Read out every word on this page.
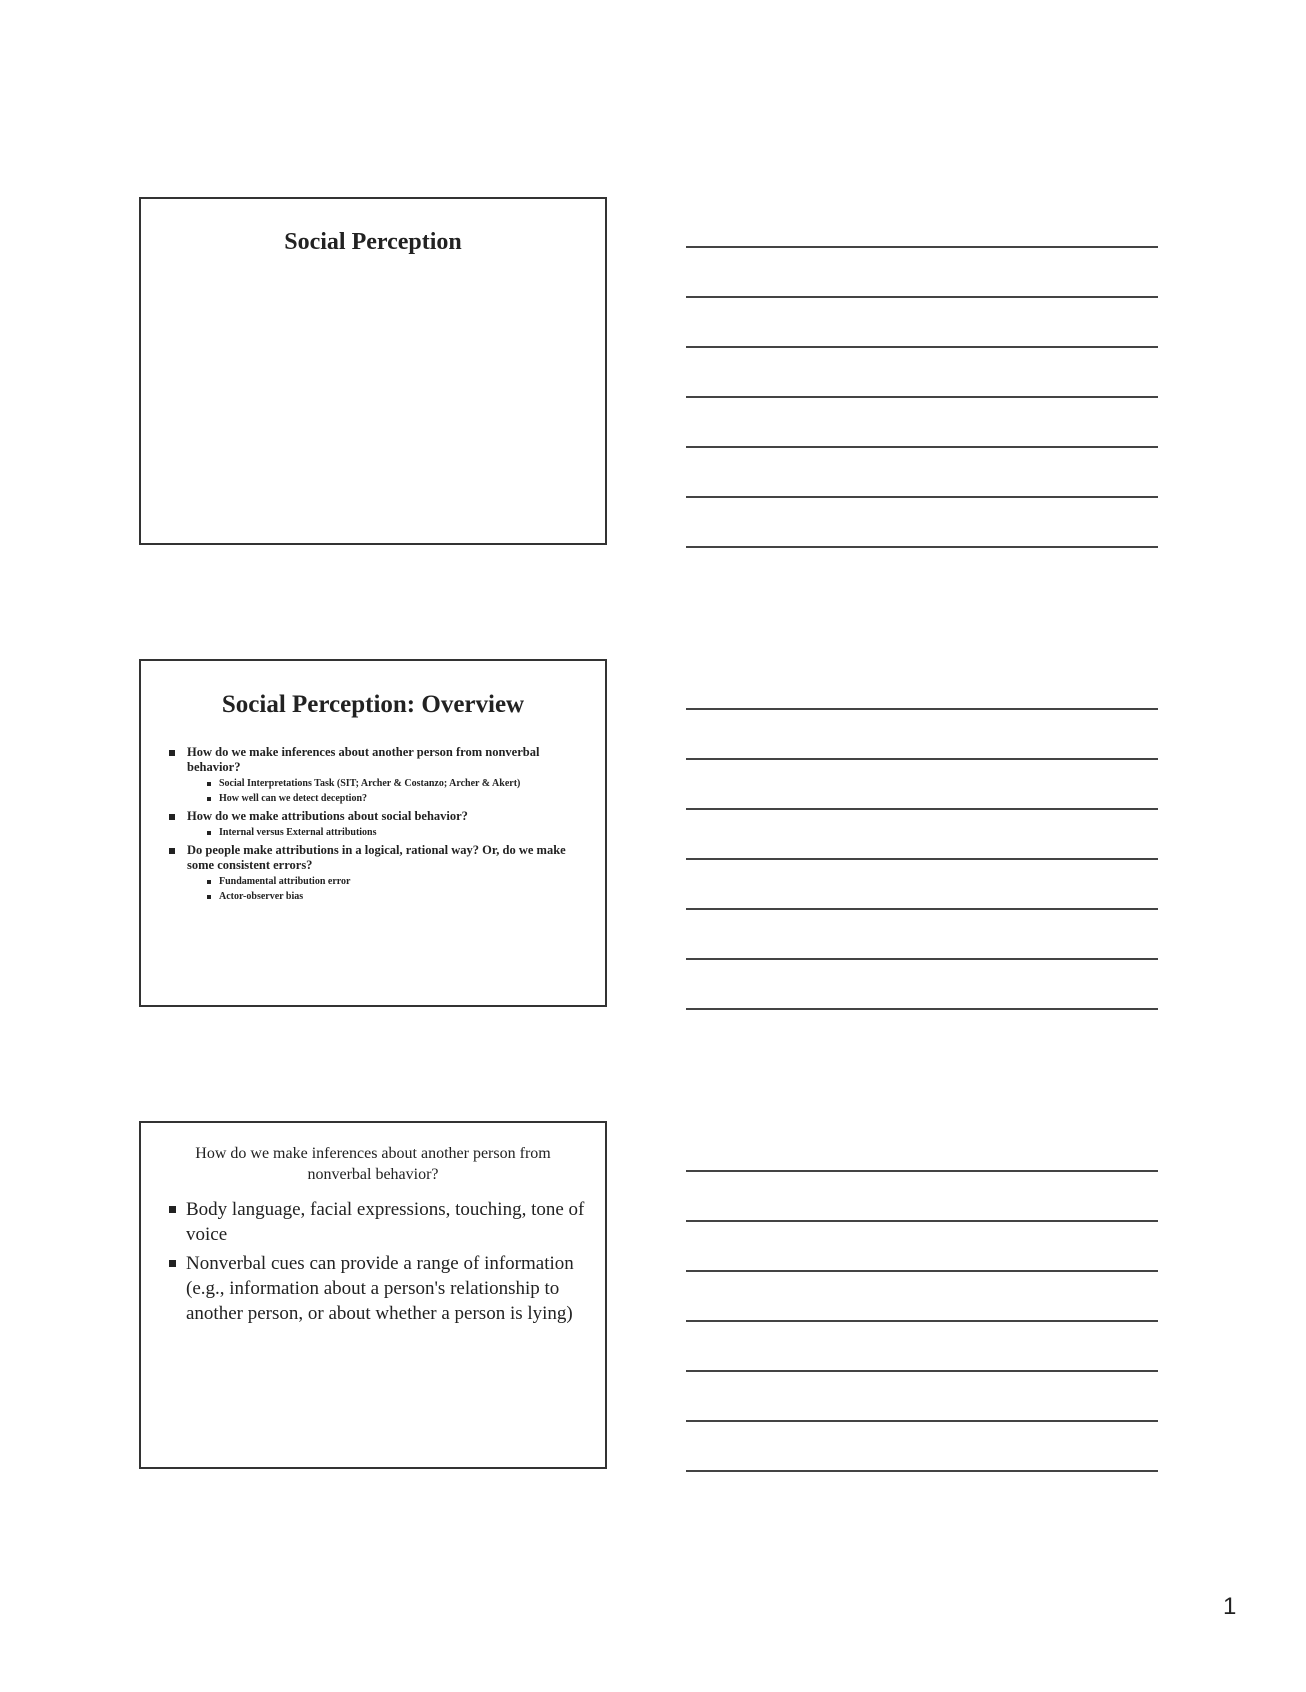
Social Perception
Social Perception: Overview
How do we make inferences about another person from nonverbal behavior?
Social Interpretations Task (SIT; Archer & Costanzo; Archer & Akert)
How well can we detect deception?
How do we make attributions about social behavior?
Internal versus External attributions
Do people make attributions in a logical, rational way? Or, do we make some consistent errors?
Fundamental attribution error
Actor-observer bias
How do we make inferences about another person from nonverbal behavior?
Body language, facial expressions, touching, tone of voice
Nonverbal cues can provide a range of information (e.g., information about a person's relationship to another person, or about whether a person is lying)
1
